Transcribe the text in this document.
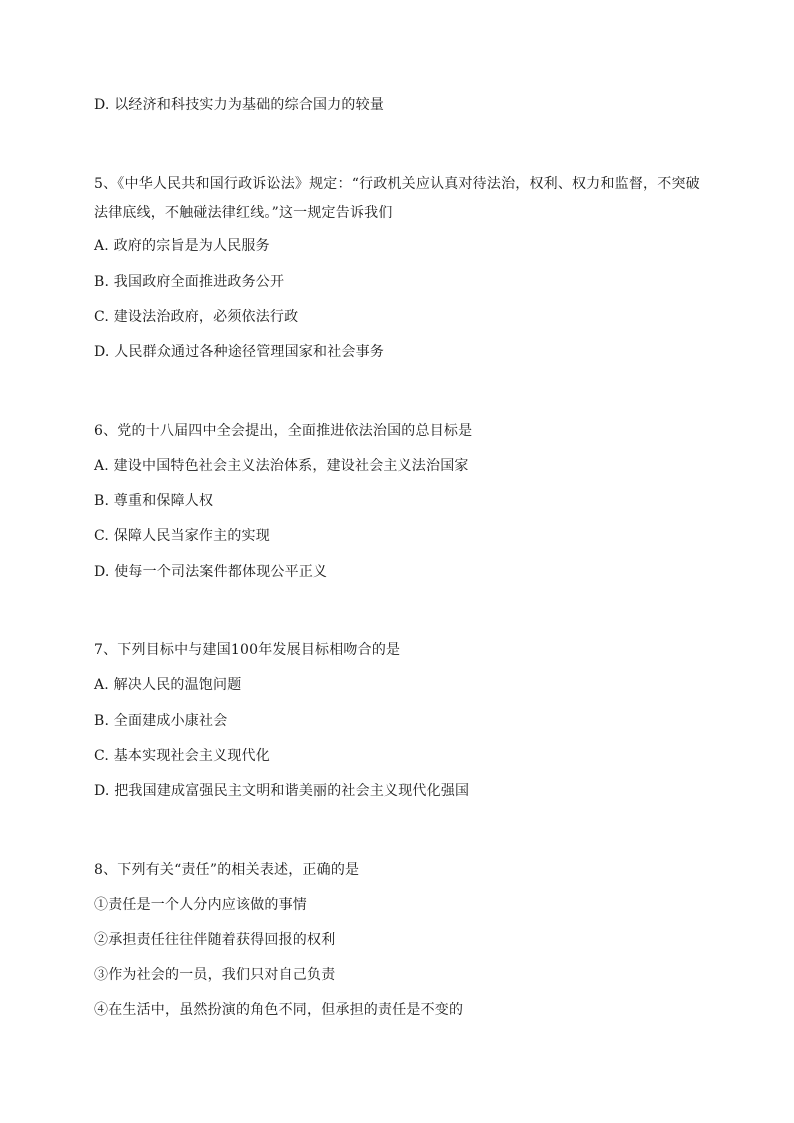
D. 以经济和科技实力为基础的综合国力的较量
5、《中华人民共和国行政诉讼法》规定：“行政机关应认真对待法治，权利、权力和监督，不突破法律底线，不触碰法律红线。”这一规定告诉我们
A. 政府的宗旨是为人民服务
B. 我国政府全面推进政务公开
C. 建设法治政府，必须依法行政
D. 人民群众通过各种途径管理国家和社会事务
6、党的十八届四中全会提出，全面推进依法治国的总目标是
A. 建设中国特色社会主义法治体系，建设社会主义法治国家
B. 尊重和保障人权
C. 保障人民当家作主的实现
D. 使每一个司法案件都体现公平正义
7、下列目标中与建国100年发展目标相吻合的是
A. 解决人民的温饱问题
B. 全面建成小康社会
C. 基本实现社会主义现代化
D. 把我国建成富强民主文明和谐美丽的社会主义现代化强国
8、下列有关“责任”的相关表述，正确的是
①责任是一个人分内应该做的事情
②承担责任往往伴随着获得回报的权利
③作为社会的一员，我们只对自己负责
④在生活中，虽然扮演的角色不同，但承担的责任是不变的
